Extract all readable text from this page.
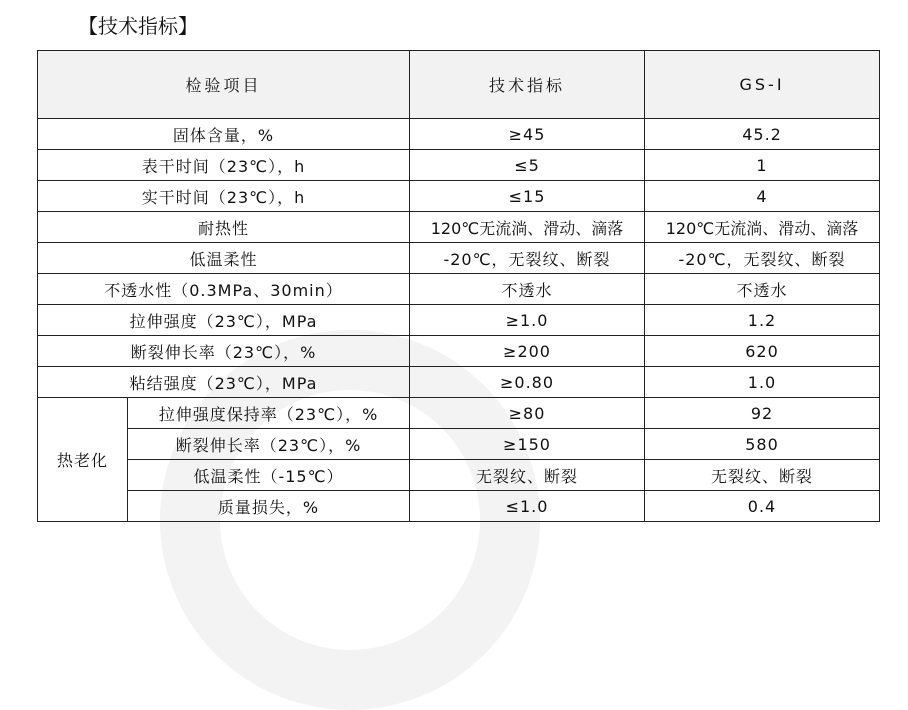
【技术指标】
检验项目		技术指标	GS-I
固体含量，%		≥45	45.2
表干时间（23℃），h		≤5	1
实干时间（23℃），h		≤15	4
耐热性		120℃无流淌、滑动、滴落	120℃无流淌、滑动、滴落
低温柔性		-20℃，无裂纹、断裂	-20℃，无裂纹、断裂
不透水性（0.3MPa、30min）		不透水	不透水
拉伸强度（23℃），MPa		≥1.0	1.2
断裂伸长率（23℃），%		≥200	620
粘结强度（23℃），MPa		≥0.80	1.0
热老化	拉伸强度保持率（23℃），%	≥80	92
	断裂伸长率（23℃），%	≥150	580
	低温柔性（-15℃）	无裂纹、断裂	无裂纹、断裂
	质量损失，%	≤1.0	0.4
